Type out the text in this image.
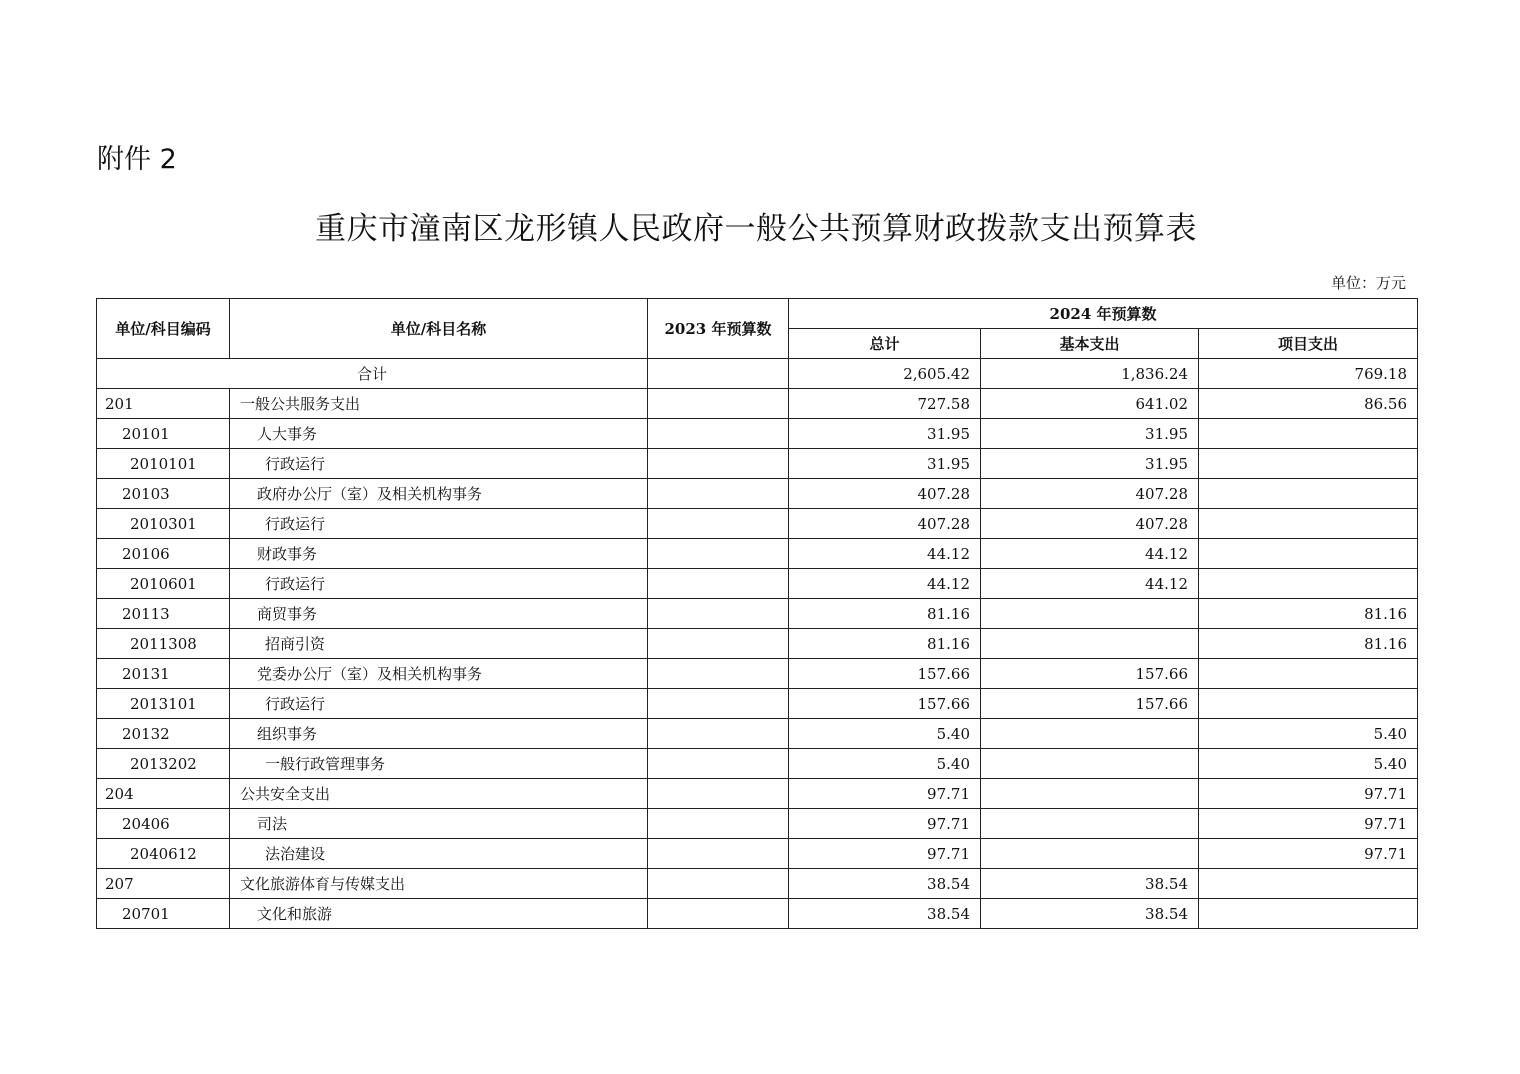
附件 2
重庆市潼南区龙形镇人民政府一般公共预算财政拨款支出预算表
单位：万元
单位/科目编码	单位/科目名称	2023 年预算数	2024 年预算数		
			总计	基本支出	项目支出
合计			2,605.42	1,836.24	769.18
201	一般公共服务支出		727.58	641.02	86.56
20101	人大事务		31.95	31.95	
2010101	行政运行		31.95	31.95	
20103	政府办公厅（室）及相关机构事务		407.28	407.28	
2010301	行政运行		407.28	407.28	
20106	财政事务		44.12	44.12	
2010601	行政运行		44.12	44.12	
20113	商贸事务		81.16		81.16
2011308	招商引资		81.16		81.16
20131	党委办公厅（室）及相关机构事务		157.66	157.66	
2013101	行政运行		157.66	157.66	
20132	组织事务		5.40		5.40
2013202	一般行政管理事务		5.40		5.40
204	公共安全支出		97.71		97.71
20406	司法		97.71		97.71
2040612	法治建设		97.71		97.71
207	文化旅游体育与传媒支出		38.54	38.54	
20701	文化和旅游		38.54	38.54	
